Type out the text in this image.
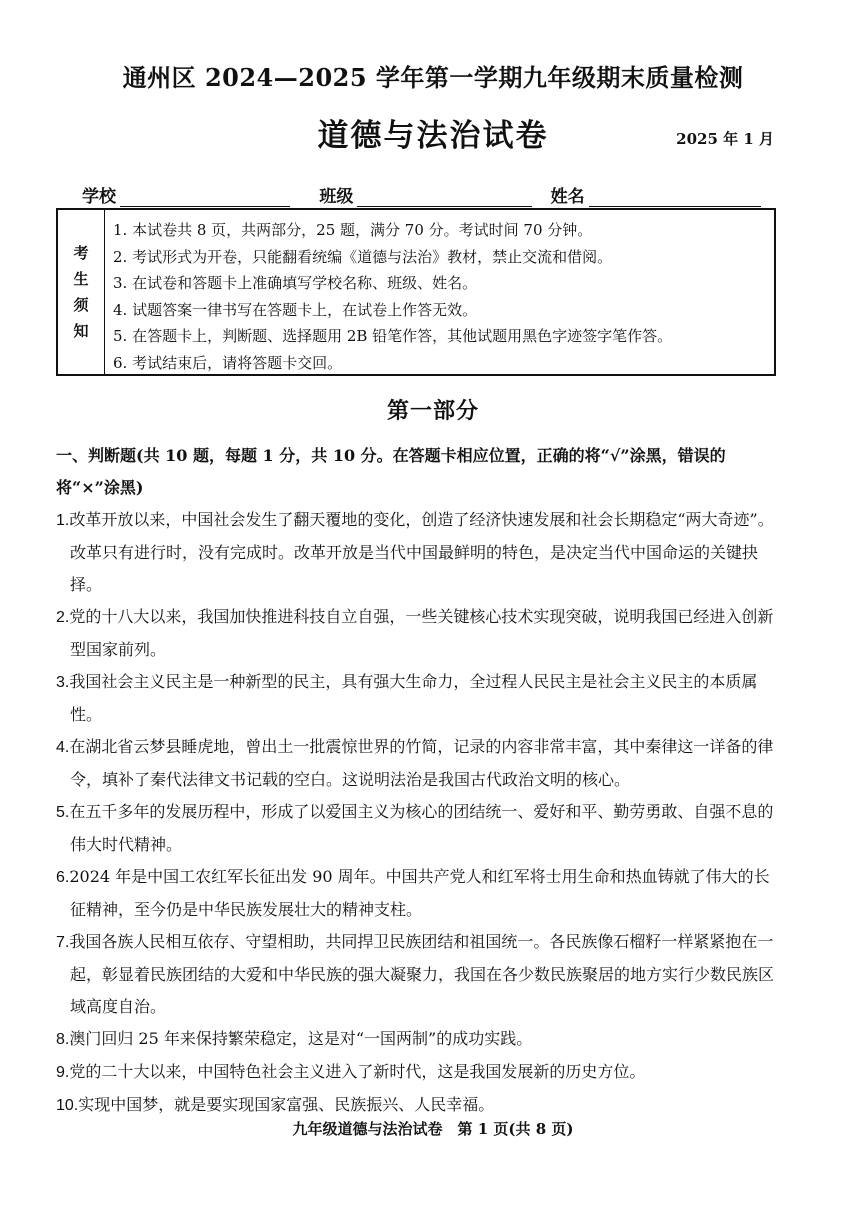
通州区 2024—2025 学年第一学期九年级期末质量检测
道德与法治试卷	2025 年 1 月
学校	班级	姓名
考
生
须
知
1. 本试卷共 8 页，共两部分，25 题，满分 70 分。考试时间 70 分钟。
2. 考试形式为开卷，只能翻看统编《道德与法治》教材，禁止交流和借阅。
3. 在试卷和答题卡上准确填写学校名称、班级、姓名。
4. 试题答案一律书写在答题卡上，在试卷上作答无效。
5. 在答题卡上，判断题、选择题用 2B 铅笔作答，其他试题用黑色字迹签字笔作答。
6. 考试结束后，请将答题卡交回。
第一部分
一、判断题(共 10 题，每题 1 分，共 10 分。在答题卡相应位置，正确的将“√”涂黑，错误的将“×”涂黑)
1.改革开放以来，中国社会发生了翻天覆地的变化，创造了经济快速发展和社会长期稳定“两大奇迹”。改革只有进行时，没有完成时。改革开放是当代中国最鲜明的特色，是决定当代中国命运的关键抉择。
2.党的十八大以来，我国加快推进科技自立自强，一些关键核心技术实现突破，说明我国已经进入创新型国家前列。
3.我国社会主义民主是一种新型的民主，具有强大生命力，全过程人民民主是社会主义民主的本质属性。
4.在湖北省云梦县睡虎地，曾出土一批震惊世界的竹简，记录的内容非常丰富，其中秦律这一详备的律令，填补了秦代法律文书记载的空白。这说明法治是我国古代政治文明的核心。
5.在五千多年的发展历程中，形成了以爱国主义为核心的团结统一、爱好和平、勤劳勇敢、自强不息的伟大时代精神。
6.2024 年是中国工农红军长征出发 90 周年。中国共产党人和红军将士用生命和热血铸就了伟大的长征精神，至今仍是中华民族发展壮大的精神支柱。
7.我国各族人民相互依存、守望相助，共同捍卫民族团结和祖国统一。各民族像石榴籽一样紧紧抱在一起，彰显着民族团结的大爱和中华民族的强大凝聚力，我国在各少数民族聚居的地方实行少数民族区域高度自治。
8.澳门回归 25 年来保持繁荣稳定，这是对“一国两制”的成功实践。
9.党的二十大以来，中国特色社会主义进入了新时代，这是我国发展新的历史方位。
10.实现中国梦，就是要实现国家富强、民族振兴、人民幸福。
九年级道德与法治试卷　第 1 页(共 8 页)
